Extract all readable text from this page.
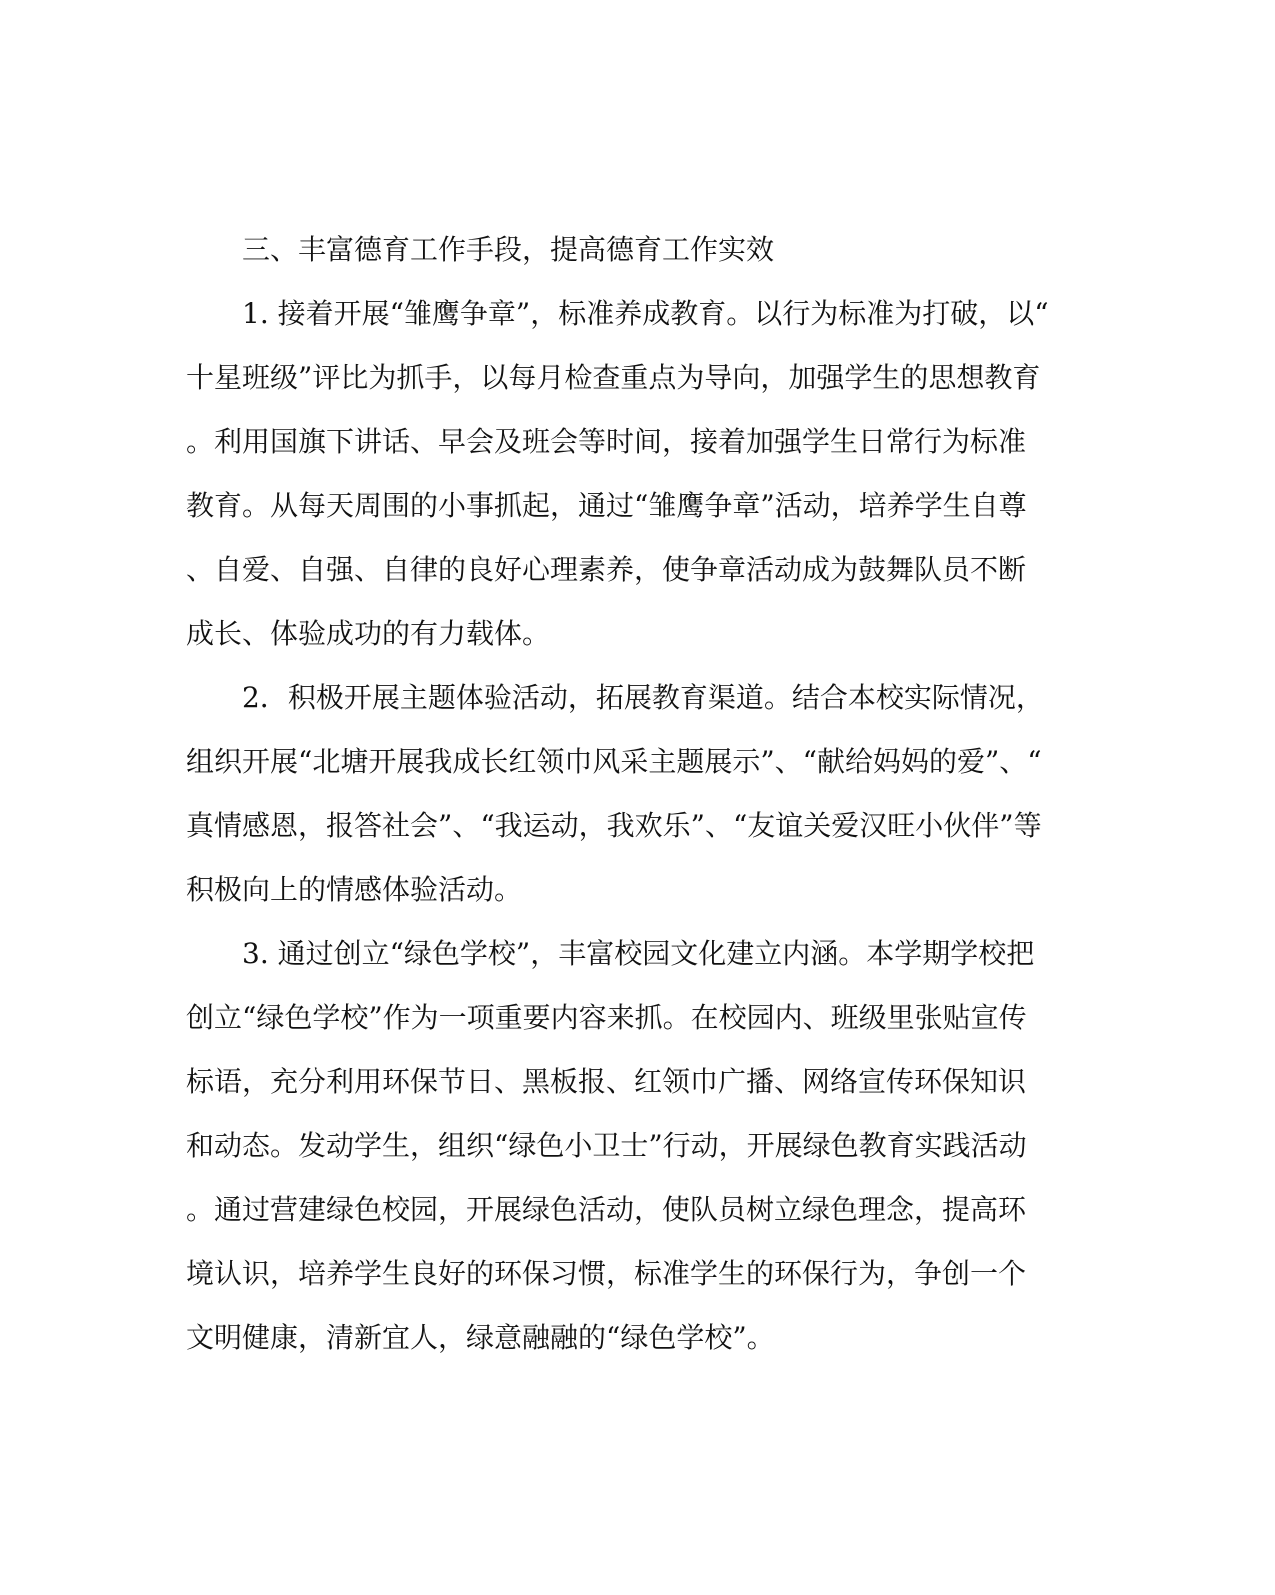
三、丰富德育工作手段，提高德育工作实效
1. 接着开展“雏鹰争章”，标准养成教育。以行为标准为打破，以“
十星班级”评比为抓手，以每月检查重点为导向，加强学生的思想教育
。利用国旗下讲话、早会及班会等时间，接着加强学生日常行为标准
教育。从每天周围的小事抓起，通过“雏鹰争章”活动，培养学生自尊
、自爱、自强、自律的良好心理素养，使争章活动成为鼓舞队员不断
成长、体验成功的有力载体。
2．积极开展主题体验活动，拓展教育渠道。结合本校实际情况，
组织开展“北塘开展我成长红领巾风采主题展示”、“献给妈妈的爱”、“
真情感恩，报答社会”、“我运动，我欢乐”、“友谊关爱汉旺小伙伴”等
积极向上的情感体验活动。
3. 通过创立“绿色学校”，丰富校园文化建立内涵。本学期学校把
创立“绿色学校”作为一项重要内容来抓。在校园内、班级里张贴宣传
标语，充分利用环保节日、黑板报、红领巾广播、网络宣传环保知识
和动态。发动学生，组织“绿色小卫士”行动，开展绿色教育实践活动
。通过营建绿色校园，开展绿色活动，使队员树立绿色理念，提高环
境认识，培养学生良好的环保习惯，标准学生的环保行为，争创一个
文明健康，清新宜人，绿意融融的“绿色学校”。
